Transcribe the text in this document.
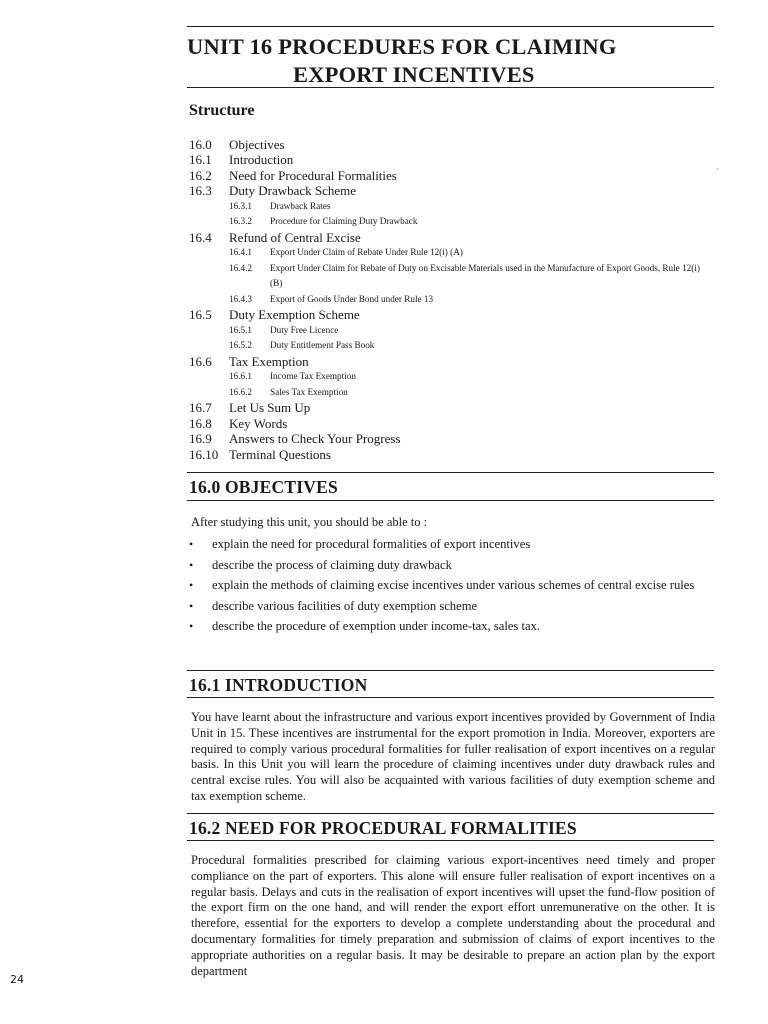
UNIT 16 PROCEDURES FOR CLAIMING
EXPORT INCENTIVES
Structure
16.0 Objectives
16.1 Introduction
16.2 Need for Procedural Formalities
16.3 Duty Drawback Scheme
16.3.1 Drawback Rates
16.3.2 Procedure for Claiming Duty Drawback
16.4 Refund of Central Excise
16.4.1 Export Under Claim of Rebate Under Rule 12(i) (A)
16.4.2 Export Under Claim for Rebate of Duty on Excisable Materials used in the Manufacture of Export Goods, Rule 12(i) (B)
16.4.3 Export of Goods Under Bond under Rule 13
16.5 Duty Exemption Scheme
16.5.1 Duty Free Licence
16.5.2 Duty Entitlement Pass Book
16.6 Tax Exemption
16.6.1 Income Tax Exemption
16.6.2 Sales Tax Exemption
16.7 Let Us Sum Up
16.8 Key Words
16.9 Answers to Check Your Progress
16.10 Terminal Questions
`
16.0 OBJECTIVES
After studying this unit, you should be able to :
• explain the need for procedural formalities of export incentives
• describe the process of claiming duty drawback
• explain the methods of claiming excise incentives under various schemes of central excise rules
• describe various facilities of duty exemption scheme
• describe the procedure of exemption under income-tax, sales tax.
16.1 INTRODUCTION
You have learnt about the infrastructure and various export incentives provided by Government of India Unit in 15. These incentives are instrumental for the export promotion in India. Moreover, exporters are required to comply various procedural formalities for fuller realisation of export incentives on a regular basis. In this Unit you will learn the procedure of claiming incentives under duty drawback rules and central excise rules. You will also be acquainted with various facilities of duty exemption scheme and tax exemption scheme.
16.2 NEED FOR PROCEDURAL FORMALITIES
Procedural formalities prescribed for claiming various export-incentives need timely and proper compliance on the part of exporters. This alone will ensure fuller realisation of export incentives on a regular basis. Delays and cuts in the realisation of export incentives will upset the fund-flow position of the export firm on the one hand, and will render the export effort unremunerative on the other. It is therefore, essential for the exporters to develop a complete understanding about the procedural and documentary formalities for timely preparation and submission of claims of export incentives to the appropriate authorities on a regular basis. It may be desirable to prepare an action plan by the export department
24
